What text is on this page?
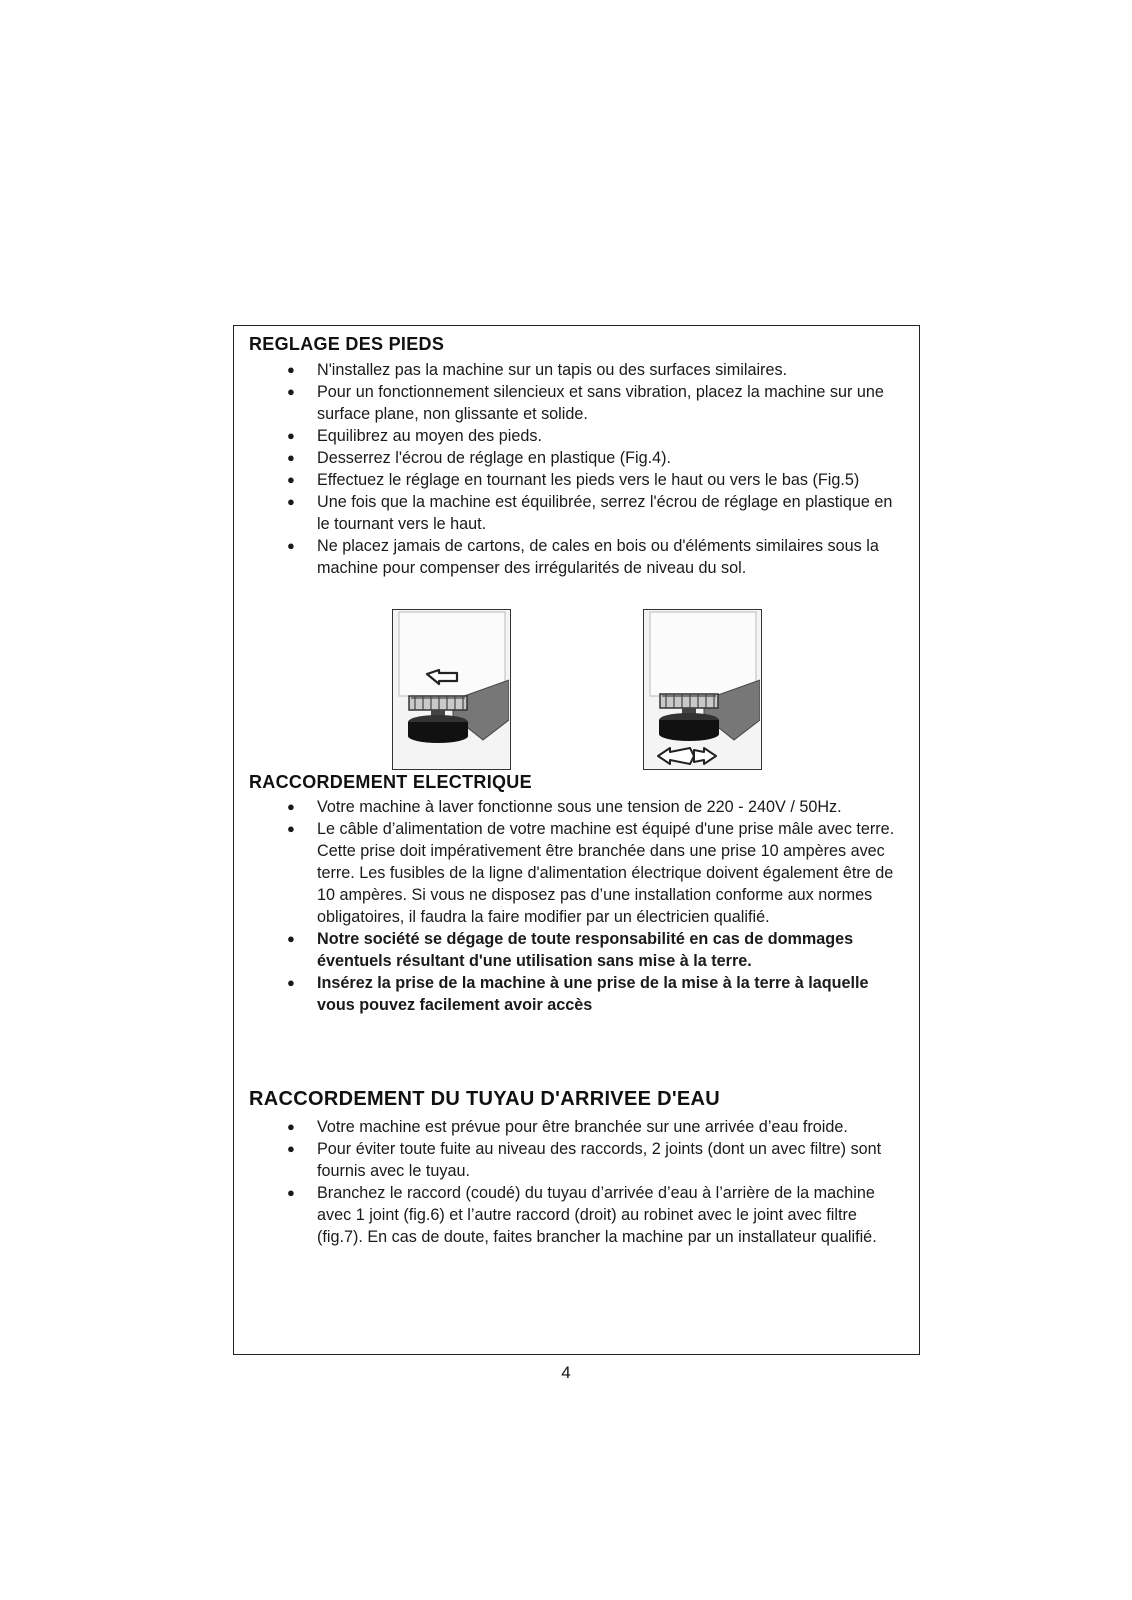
REGLAGE DES PIEDS
● N'installez pas la machine sur un tapis ou des surfaces similaires.
● Pour un fonctionnement silencieux et sans vibration, placez la machine sur une surface plane, non glissante et solide.
● Equilibrez au moyen des pieds.
● Desserrez l'écrou de réglage en plastique (Fig.4).
● Effectuez le réglage en tournant les pieds vers le haut ou vers le bas (Fig.5)
● Une fois que la machine est équilibrée, serrez l'écrou de réglage en plastique en le tournant vers le haut.
● Ne placez jamais de cartons, de cales en bois ou d'éléments similaires sous la machine pour compenser des irrégularités de niveau du sol.
RACCORDEMENT ELECTRIQUE
● Votre machine à laver fonctionne sous une tension de 220 - 240V / 50Hz.
● Le câble d’alimentation de votre machine est équipé d'une prise mâle avec terre. Cette prise doit impérativement être branchée dans une prise 10 ampères avec terre. Les fusibles de la ligne d'alimentation électrique doivent également être de 10 ampères. Si vous ne disposez pas d’une installation conforme aux normes obligatoires, il faudra la faire modifier par un électricien qualifié.
● Notre société se dégage de toute responsabilité en cas de dommages éventuels résultant d'une utilisation sans mise à la terre.
● Insérez la prise de la machine à une prise de la mise à la terre à laquelle vous pouvez facilement avoir accès
RACCORDEMENT DU TUYAU D'ARRIVEE D'EAU
● Votre machine est prévue pour être branchée sur une arrivée d’eau froide.
● Pour éviter toute fuite au niveau des raccords, 2 joints (dont un avec filtre) sont fournis avec le tuyau.
● Branchez le raccord (coudé) du tuyau d’arrivée d’eau à l’arrière de la machine avec 1 joint (fig.6) et l’autre raccord (droit) au robinet avec le joint avec filtre (fig.7). En cas de doute, faites brancher la machine par un installateur qualifié.
4
